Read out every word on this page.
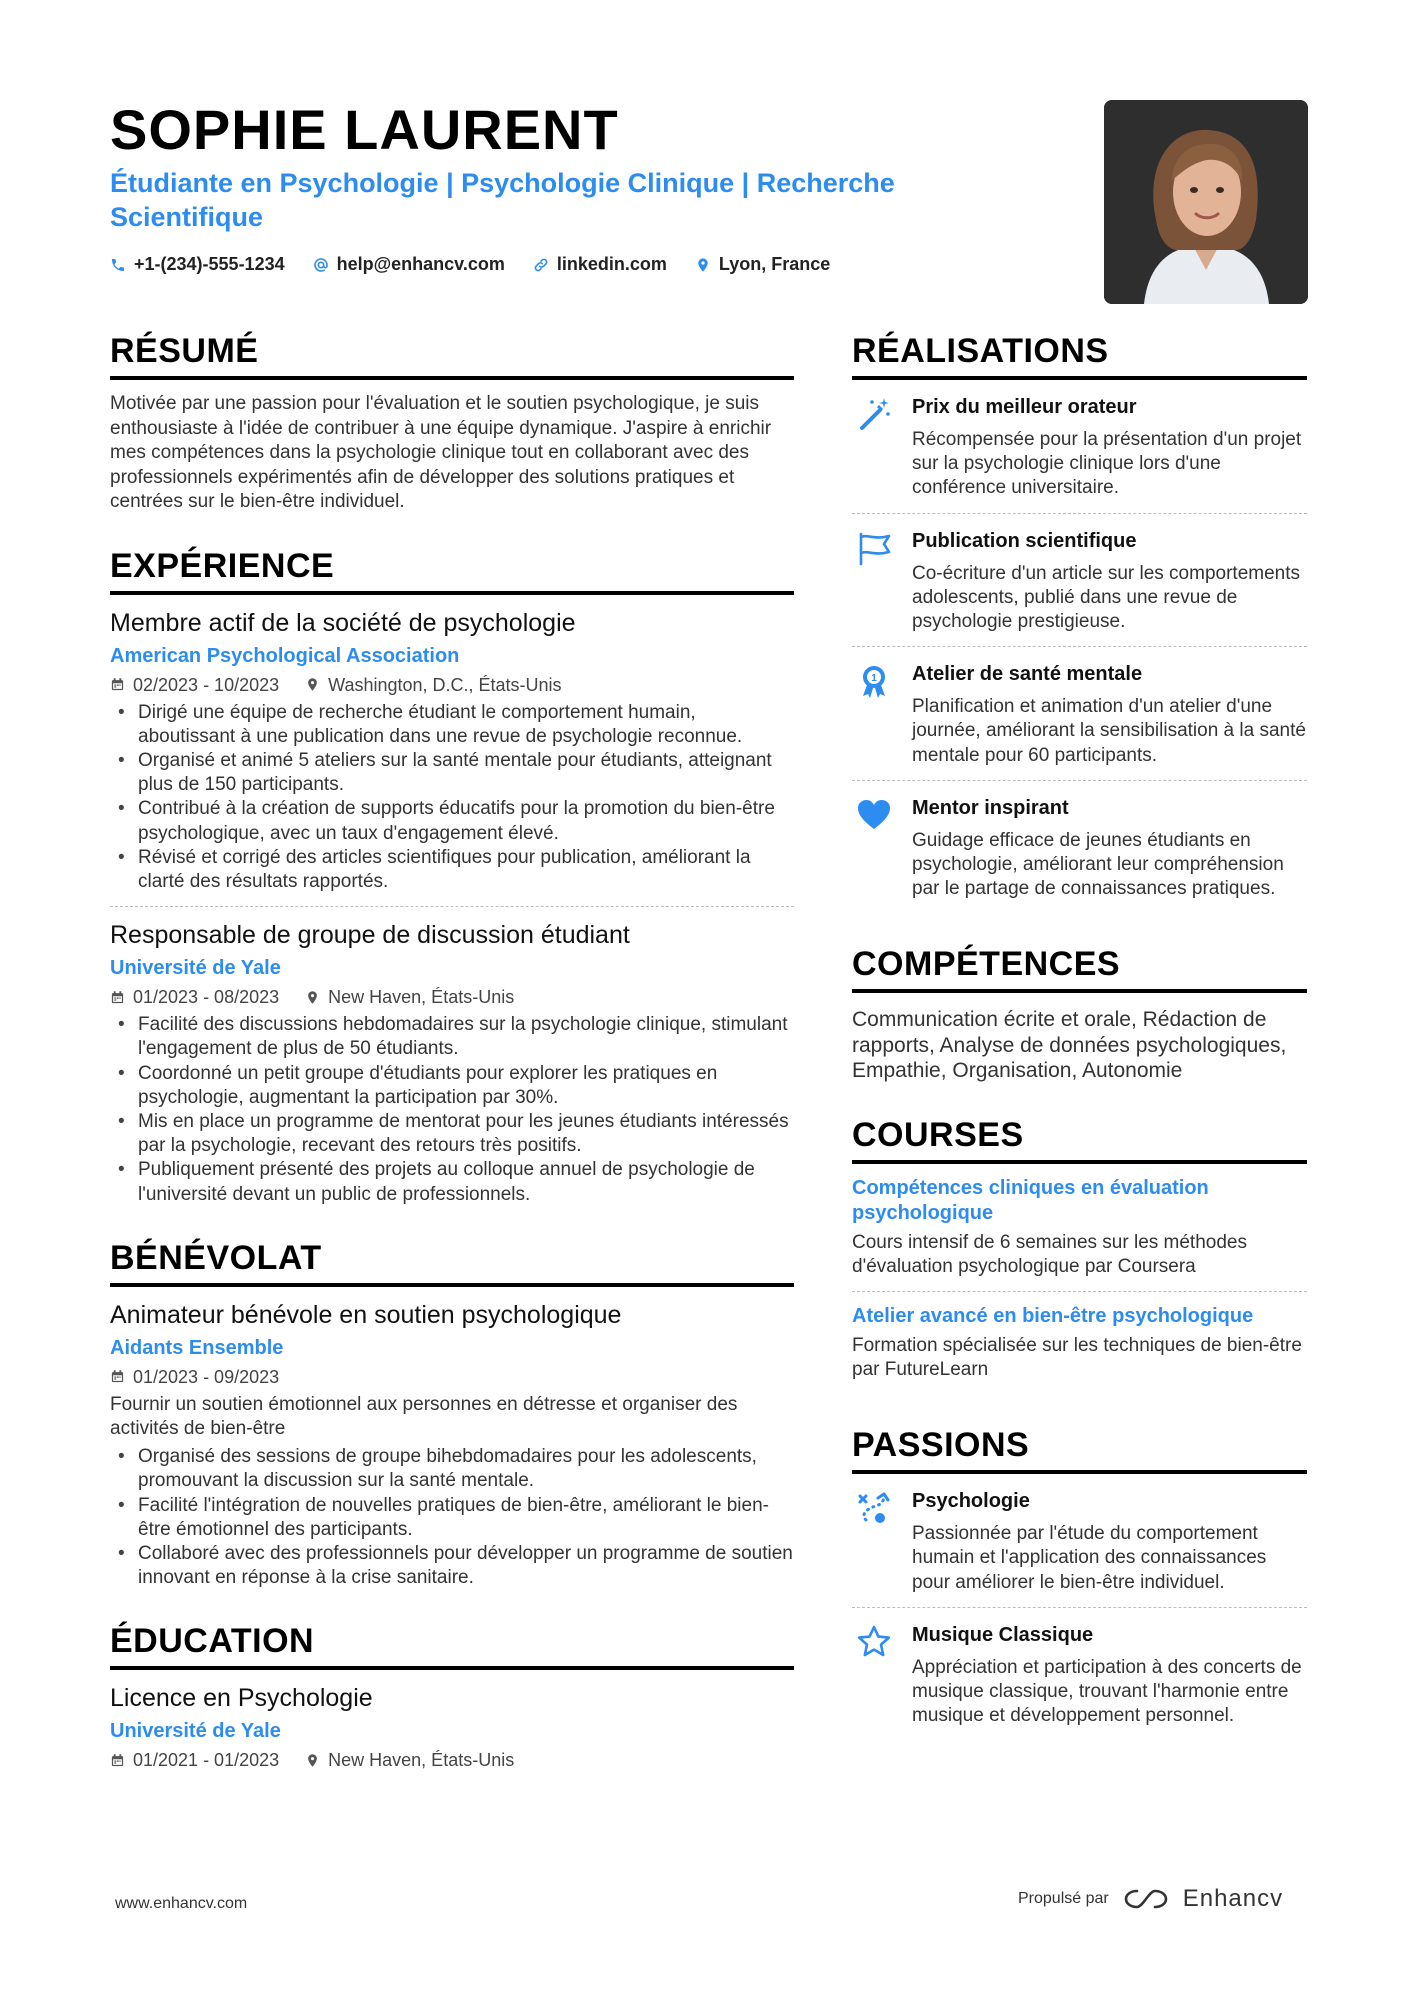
SOPHIE LAURENT
Étudiante en Psychologie | Psychologie Clinique | Recherche Scientifique
+1-(234)-555-1234	help@enhancv.com	linkedin.com	Lyon, France
RÉSUMÉ
Motivée par une passion pour l'évaluation et le soutien psychologique, je suis enthousiaste à l'idée de contribuer à une équipe dynamique. J'aspire à enrichir mes compétences dans la psychologie clinique tout en collaborant avec des professionnels expérimentés afin de développer des solutions pratiques et centrées sur le bien-être individuel.
EXPÉRIENCE
Membre actif de la société de psychologie
American Psychological Association
02/2023 - 10/2023	Washington, D.C., États-Unis
• Dirigé une équipe de recherche étudiant le comportement humain, aboutissant à une publication dans une revue de psychologie reconnue.
• Organisé et animé 5 ateliers sur la santé mentale pour étudiants, atteignant plus de 150 participants.
• Contribué à la création de supports éducatifs pour la promotion du bien-être psychologique, avec un taux d'engagement élevé.
• Révisé et corrigé des articles scientifiques pour publication, améliorant la clarté des résultats rapportés.
Responsable de groupe de discussion étudiant
Université de Yale
01/2023 - 08/2023	New Haven, États-Unis
• Facilité des discussions hebdomadaires sur la psychologie clinique, stimulant l'engagement de plus de 50 étudiants.
• Coordonné un petit groupe d'étudiants pour explorer les pratiques en psychologie, augmentant la participation par 30%.
• Mis en place un programme de mentorat pour les jeunes étudiants intéressés par la psychologie, recevant des retours très positifs.
• Publiquement présenté des projets au colloque annuel de psychologie de l'université devant un public de professionnels.
BÉNÉVOLAT
Animateur bénévole en soutien psychologique
Aidants Ensemble
01/2023 - 09/2023
Fournir un soutien émotionnel aux personnes en détresse et organiser des activités de bien-être
• Organisé des sessions de groupe bihebdomadaires pour les adolescents, promouvant la discussion sur la santé mentale.
• Facilité l'intégration de nouvelles pratiques de bien-être, améliorant le bien-être émotionnel des participants.
• Collaboré avec des professionnels pour développer un programme de soutien innovant en réponse à la crise sanitaire.
ÉDUCATION
Licence en Psychologie
Université de Yale
01/2021 - 01/2023	New Haven, États-Unis
RÉALISATIONS
Prix du meilleur orateur
Récompensée pour la présentation d'un projet sur la psychologie clinique lors d'une conférence universitaire.
Publication scientifique
Co-écriture d'un article sur les comportements adolescents, publié dans une revue de psychologie prestigieuse.
1 Atelier de santé mentale
Planification et animation d'un atelier d'une journée, améliorant la sensibilisation à la santé mentale pour 60 participants.
Mentor inspirant
Guidage efficace de jeunes étudiants en psychologie, améliorant leur compréhension par le partage de connaissances pratiques.
COMPÉTENCES
Communication écrite et orale, Rédaction de rapports, Analyse de données psychologiques, Empathie, Organisation, Autonomie
COURSES
Compétences cliniques en évaluation psychologique
Cours intensif de 6 semaines sur les méthodes d'évaluation psychologique par Coursera
Atelier avancé en bien-être psychologique
Formation spécialisée sur les techniques de bien-être par FutureLearn
PASSIONS
Psychologie
Passionnée par l'étude du comportement humain et l'application des connaissances pour améliorer le bien-être individuel.
Musique Classique
Appréciation et participation à des concerts de musique classique, trouvant l'harmonie entre musique et développement personnel.
www.enhancv.com	Propulsé par	Enhancv
